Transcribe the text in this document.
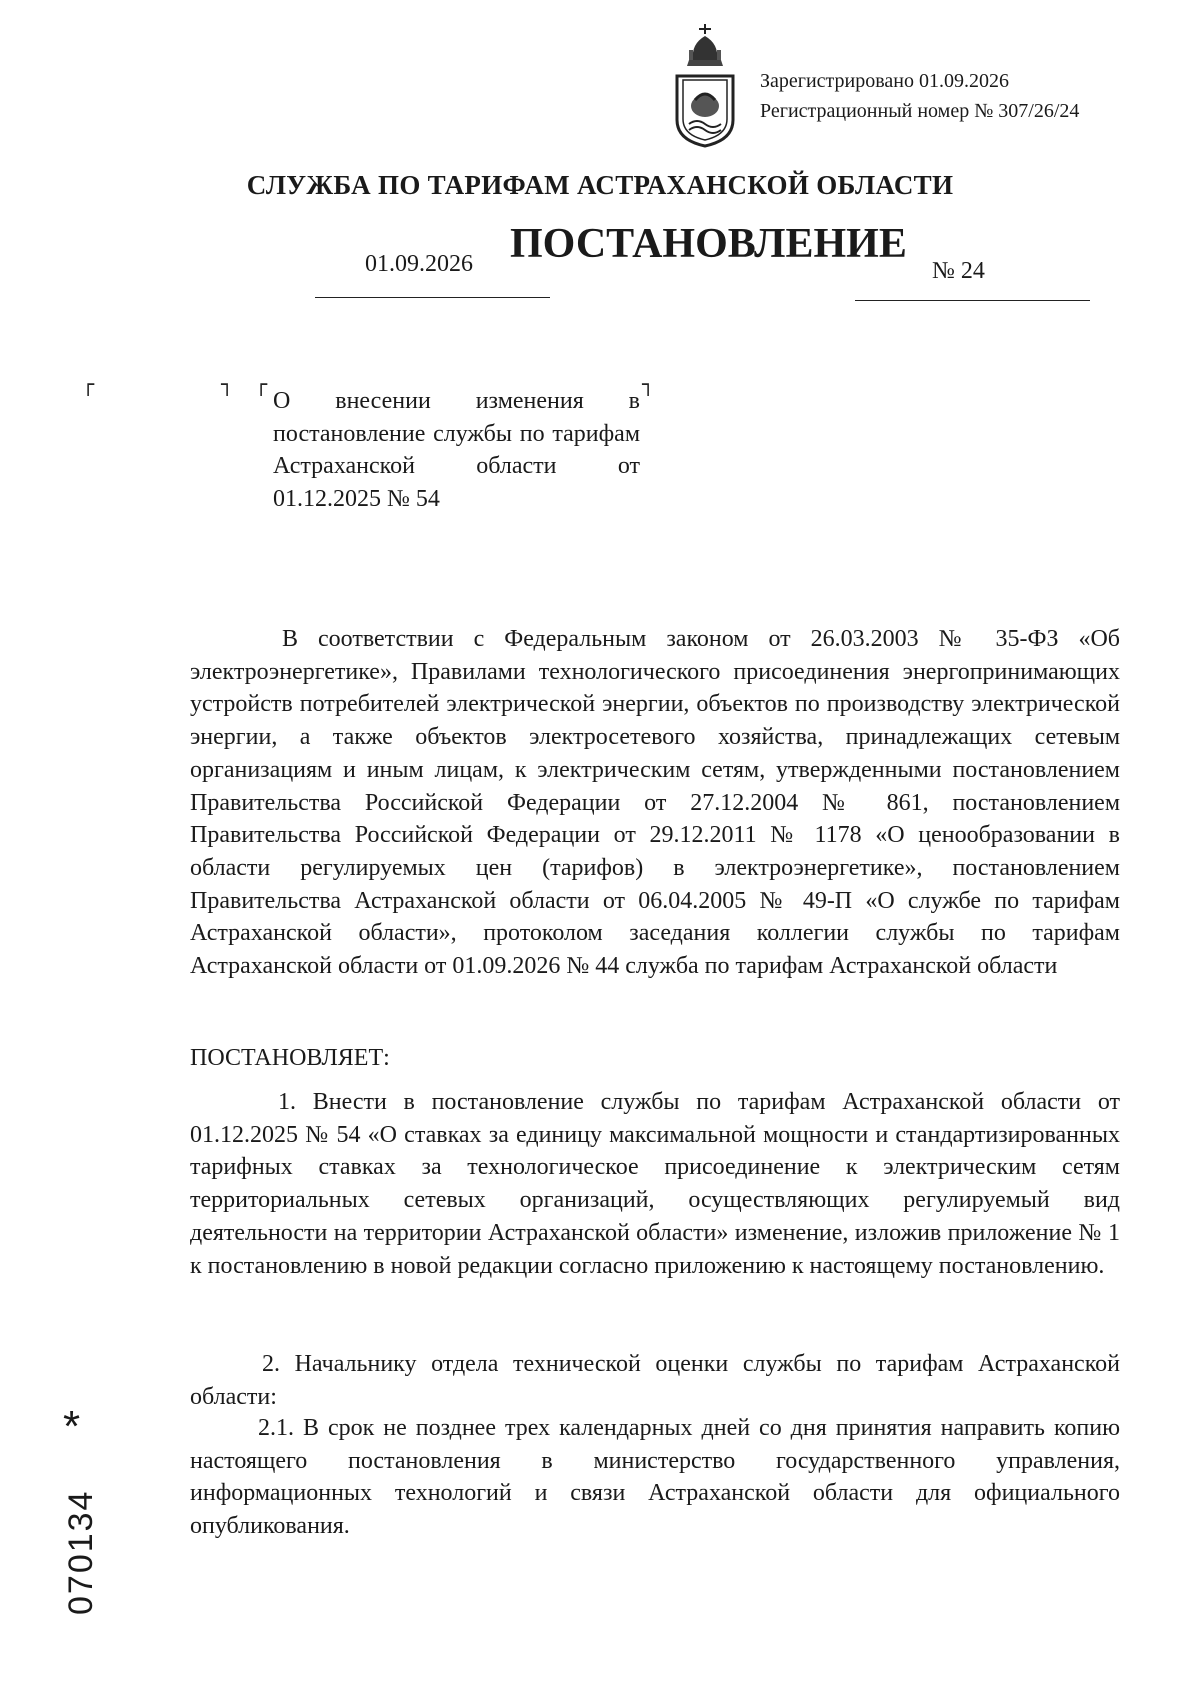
Зарегистрировано 01.09.2026
Регистрационный номер № 307/26/24
СЛУЖБА ПО ТАРИФАМ АСТРАХАНСКОЙ ОБЛАСТИ
ПОСТАНОВЛЕНИЕ
01.09.2026	№ 24
┌	┐ ┌	┐
О внесении изменения в постановление службы по тарифам Астраханской области от 01.12.2025 № 54
В соответствии с Федеральным законом от 26.03.2003 № 35-ФЗ «Об электроэнергетике», Правилами технологического присоединения энергопринимающих устройств потребителей электрической энергии, объектов по производству электрической энергии, а также объектов электросетевого хозяйства, принадлежащих сетевым организациям и иным лицам, к электрическим сетям, утвержденными постановлением Правительства Российской Федерации от 27.12.2004 № 861, постановлением Правительства Российской Федерации от 29.12.2011 № 1178 «О ценообразовании в области регулируемых цен (тарифов) в электроэнергетике», постановлением Правительства Астраханской области от 06.04.2005 № 49-П «О службе по тарифам Астраханской области», протоколом заседания коллегии службы по тарифам Астраханской области от 01.09.2026 № 44 служба по тарифам Астраханской области
ПОСТАНОВЛЯЕТ:
1. Внести в постановление службы по тарифам Астраханской области от 01.12.2025 № 54 «О ставках за единицу максимальной мощности и стандартизированных тарифных ставках за технологическое присоединение к электрическим сетям территориальных сетевых организаций, осуществляющих регулируемый вид деятельности на территории Астраханской области» изменение, изложив приложение № 1 к постановлению в новой редакции согласно приложению к настоящему постановлению.
2. Начальнику отдела технической оценки службы по тарифам Астраханской области:
2.1. В срок не позднее трех календарных дней со дня принятия направить копию настоящего постановления в министерство государственного управления, информационных технологий и связи Астраханской области для официального опубликования.
*
070134
